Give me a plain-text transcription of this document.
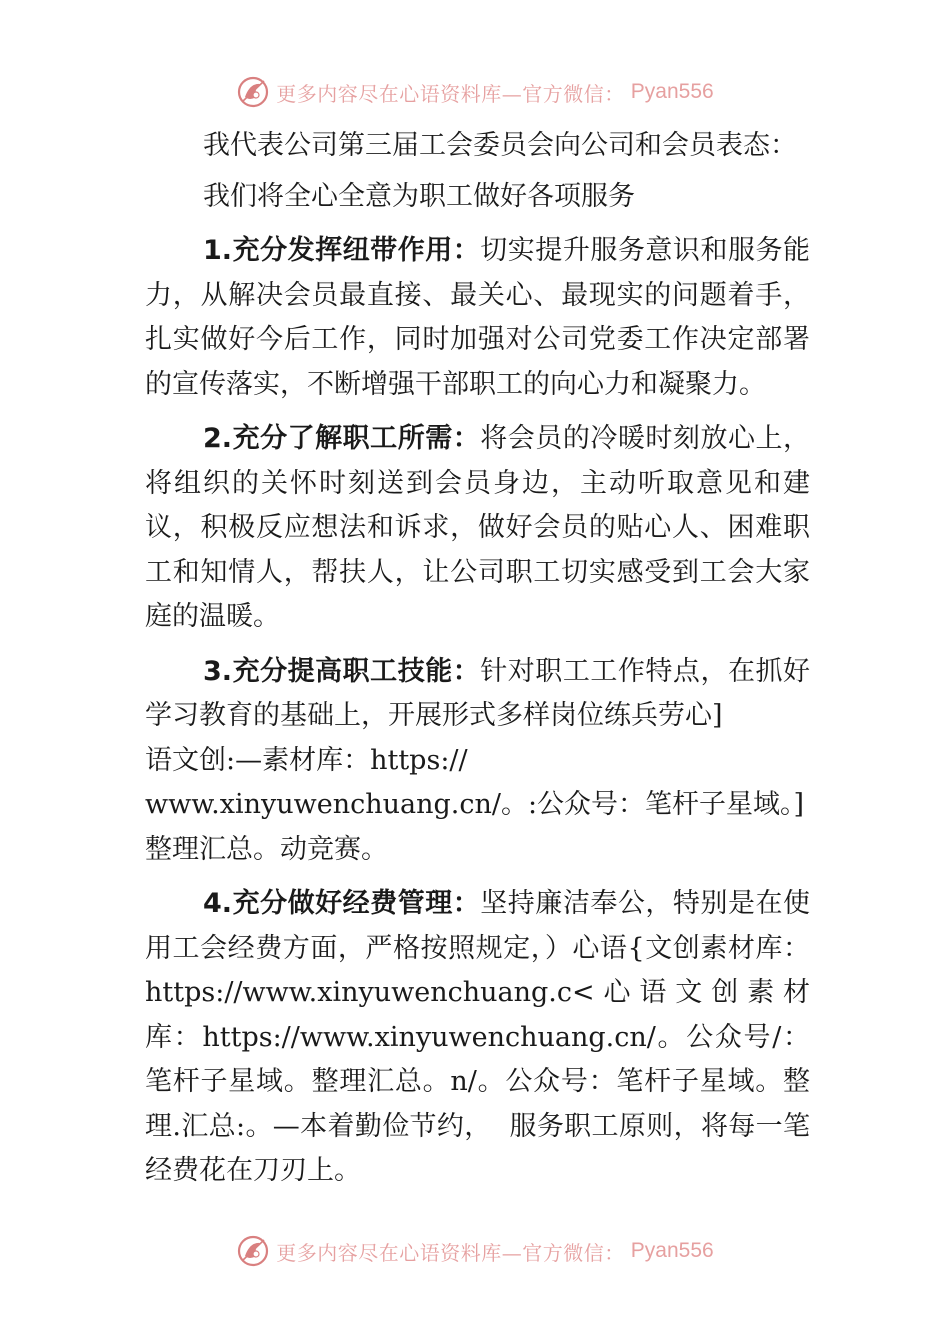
更多内容尽在心语资料库—官方微信： Pyan556

我代表公司第三届工会委员会向公司和会员表态：

我们将全心全意为职工做好各项服务

1.充分发挥纽带作用：切实提升服务意识和服务能力，从解决会员最直接、最关心、最现实的问题着手，扎实做好今后工作，同时加强对公司党委工作决定部署的宣传落实，不断增强干部职工的向心力和凝聚力。

2.充分了解职工所需：将会员的冷暖时刻放心上，将组织的关怀时刻送到会员身边，主动听取意见和建议，积极反应想法和诉求，做好会员的贴心人、困难职工和知情人，帮扶人，让公司职工切实感受到工会大家庭的温暖。

3.充分提高职工技能：针对职工工作特点，在抓好学习教育的基础上，开展形式多样岗位练兵劳心]
语文创:—素材库：https://
www.xinyuwenchuang.cn/。:公众号：笔杆子星域。]
整理汇总。动竞赛。

4.充分做好经费管理：坚持廉洁奉公，特别是在使用工会经费方面，严格按照规定，）心语{文创素材库：https://www.xinyuwenchuang.c<心语文创素材库：https://www.xinyuwenchuang.cn/。公众号/：笔杆子星域。整理汇总。n/。公众号：笔杆子星域。整理.汇总:。—本着勤俭节约，  服务职工原则，将每一笔经费花在刀刃上。

更多内容尽在心语资料库—官方微信： Pyan556
